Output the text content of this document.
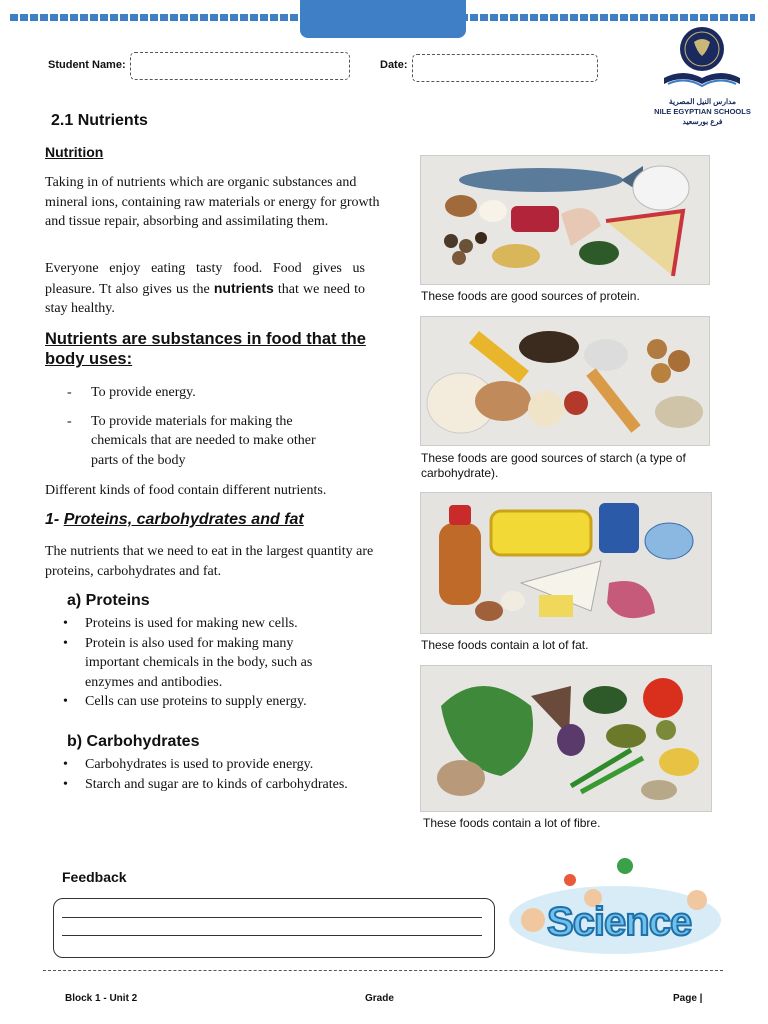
Student Name:	Date:
مدارس النيل المصرية
NILE EGYPTIAN SCHOOLS
فرع بورسعيد
2.1 Nutrients
Nutrition
Taking in of nutrients which are organic substances and mineral ions, containing raw materials or energy for growth and tissue repair, absorbing and assimilating them.
Everyone enjoy eating tasty food. Food gives us pleasure. Tt also gives us the nutrients that we need to stay healthy.
Nutrients are substances in food that the body uses:
- To provide energy.
- To provide materials for making the chemicals that are needed to make other parts of the body
Different kinds of food contain different nutrients.
1- Proteins, carbohydrates and fat
The nutrients that we need to eat in the largest quantity are proteins, carbohydrates and fat.
a) Proteins
• Proteins is used for making new cells.
• Protein is also used for making many important chemicals in the body, such as enzymes and antibodies.
• Cells can use proteins to supply energy.
b) Carbohydrates
• Carbohydrates is used to provide energy.
• Starch and sugar are to kinds of carbohydrates.
These foods are good sources of protein.
These foods are good sources of starch (a type of carbohydrate).
These foods contain a lot of fat.
These foods contain a lot of fibre.
Feedback
Science
Block 1 - Unit 2	Grade	Page |
